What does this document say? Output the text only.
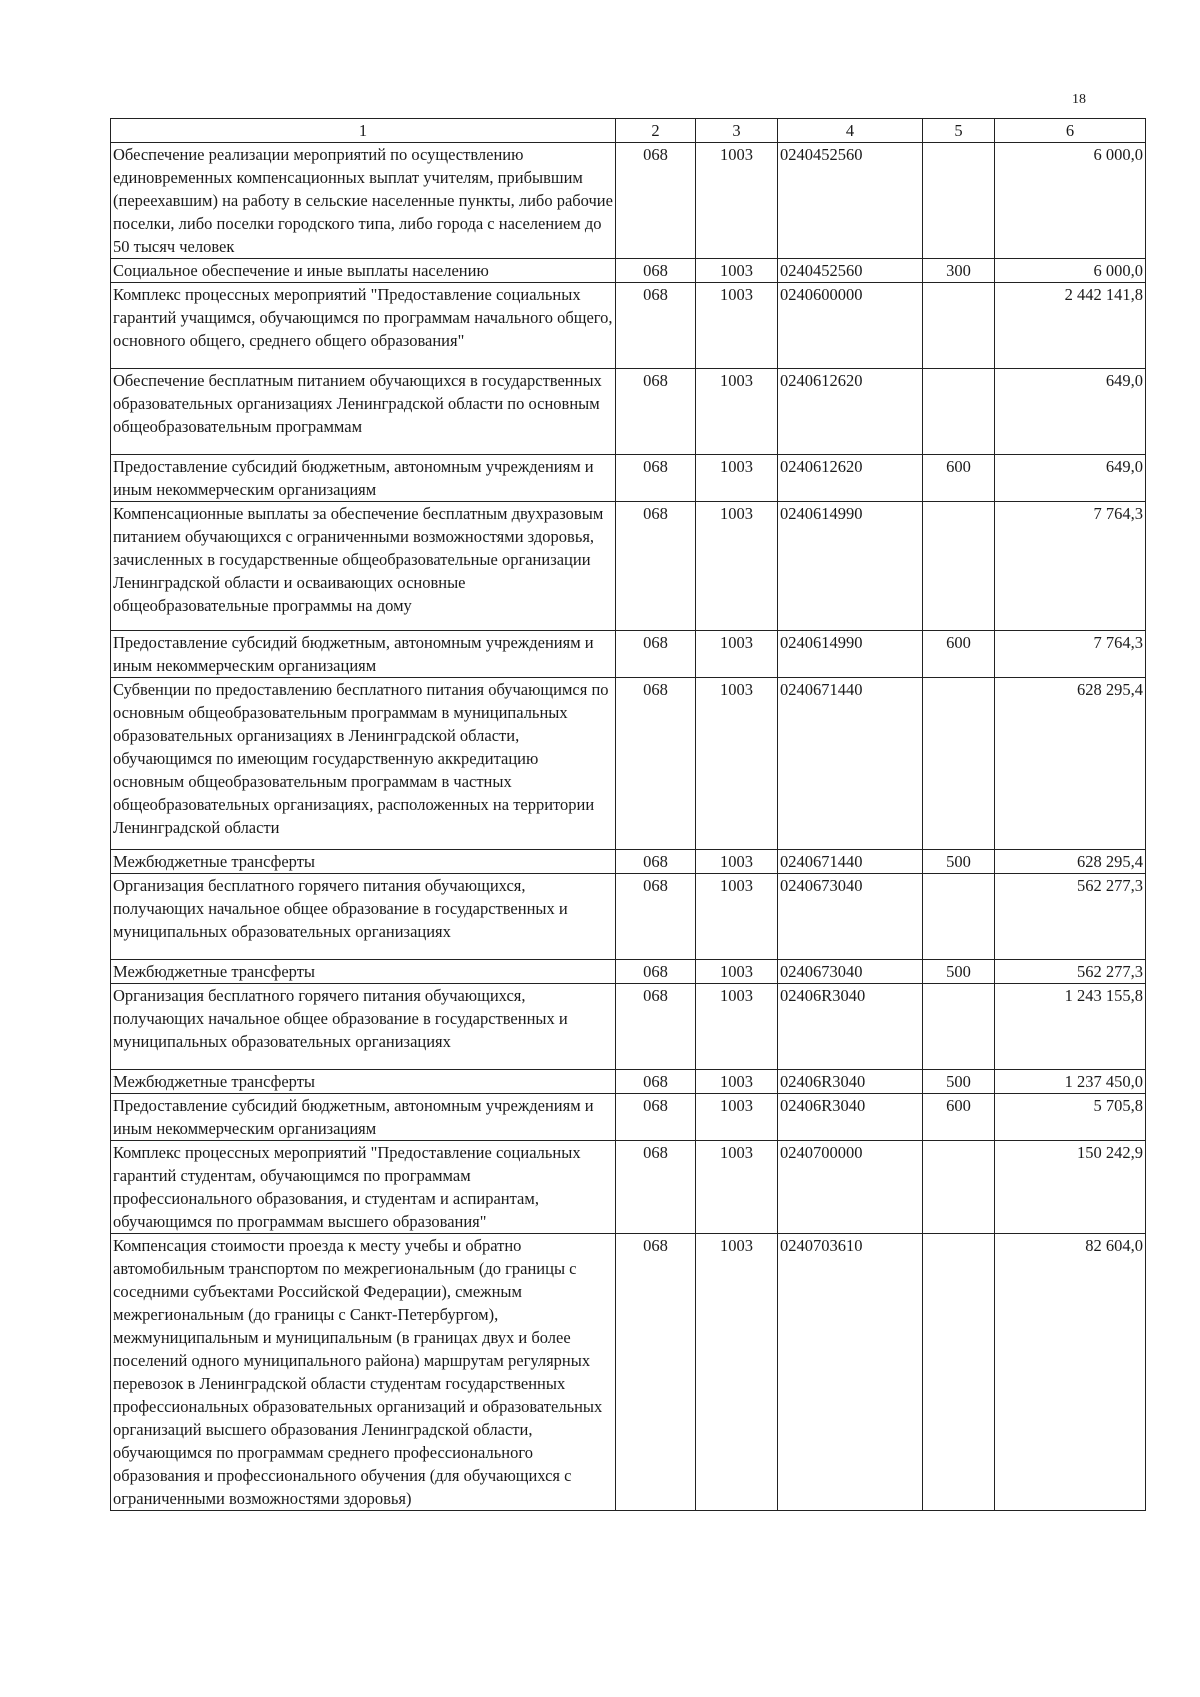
18
1	2	3	4	5	6
Обеспечение реализации мероприятий по осуществлению единовременных компенсационных выплат учителям, прибывшим (переехавшим) на работу в сельские населенные пункты, либо рабочие поселки, либо поселки городского типа, либо города с населением до 50 тысяч человек	068	1003	0240452560		6 000,0
Социальное обеспечение и иные выплаты населению	068	1003	0240452560	300	6 000,0
Комплекс процессных мероприятий "Предоставление социальных гарантий учащимся, обучающимся по программам начального общего, основного общего, среднего общего образования"	068	1003	0240600000		2 442 141,8
Обеспечение бесплатным питанием обучающихся в государственных образовательных организациях Ленинградской области по основным общеобразовательным программам	068	1003	0240612620		649,0
Предоставление субсидий бюджетным, автономным учреждениям и иным некоммерческим организациям	068	1003	0240612620	600	649,0
Компенсационные выплаты за обеспечение бесплатным двухразовым питанием обучающихся с ограниченными возможностями здоровья, зачисленных в государственные общеобразовательные организации Ленинградской области и осваивающих основные общеобразовательные программы на дому	068	1003	0240614990		7 764,3
Предоставление субсидий бюджетным, автономным учреждениям и иным некоммерческим организациям	068	1003	0240614990	600	7 764,3
Субвенции по предоставлению бесплатного питания обучающимся по основным общеобразовательным программам в муниципальных образовательных организациях в Ленинградской области, обучающимся по имеющим государственную аккредитацию основным общеобразовательным программам в частных общеобразовательных организациях, расположенных на территории Ленинградской области	068	1003	0240671440		628 295,4
Межбюджетные трансферты	068	1003	0240671440	500	628 295,4
Организация бесплатного горячего питания обучающихся, получающих начальное общее образование в государственных и муниципальных образовательных организациях	068	1003	0240673040		562 277,3
Межбюджетные трансферты	068	1003	0240673040	500	562 277,3
Организация бесплатного горячего питания обучающихся, получающих начальное общее образование в государственных и муниципальных образовательных организациях	068	1003	02406R3040		1 243 155,8
Межбюджетные трансферты	068	1003	02406R3040	500	1 237 450,0
Предоставление субсидий бюджетным, автономным учреждениям и иным некоммерческим организациям	068	1003	02406R3040	600	5 705,8
Комплекс процессных мероприятий "Предоставление социальных гарантий студентам, обучающимся по программам профессионального образования, и студентам и аспирантам, обучающимся по программам высшего образования"	068	1003	0240700000		150 242,9
Компенсация стоимости проезда к месту учебы и обратно автомобильным транспортом по межрегиональным (до границы с соседними субъектами Российской Федерации), смежным межрегиональным (до границы с Санкт-Петербургом), межмуниципальным и муниципальным (в границах двух и более поселений одного муниципального района) маршрутам регулярных перевозок в Ленинградской области студентам государственных профессиональных образовательных организаций и образовательных организаций высшего образования Ленинградской области, обучающимся по программам среднего профессионального образования и профессионального обучения (для обучающихся с ограниченными возможностями здоровья)	068	1003	0240703610		82 604,0
